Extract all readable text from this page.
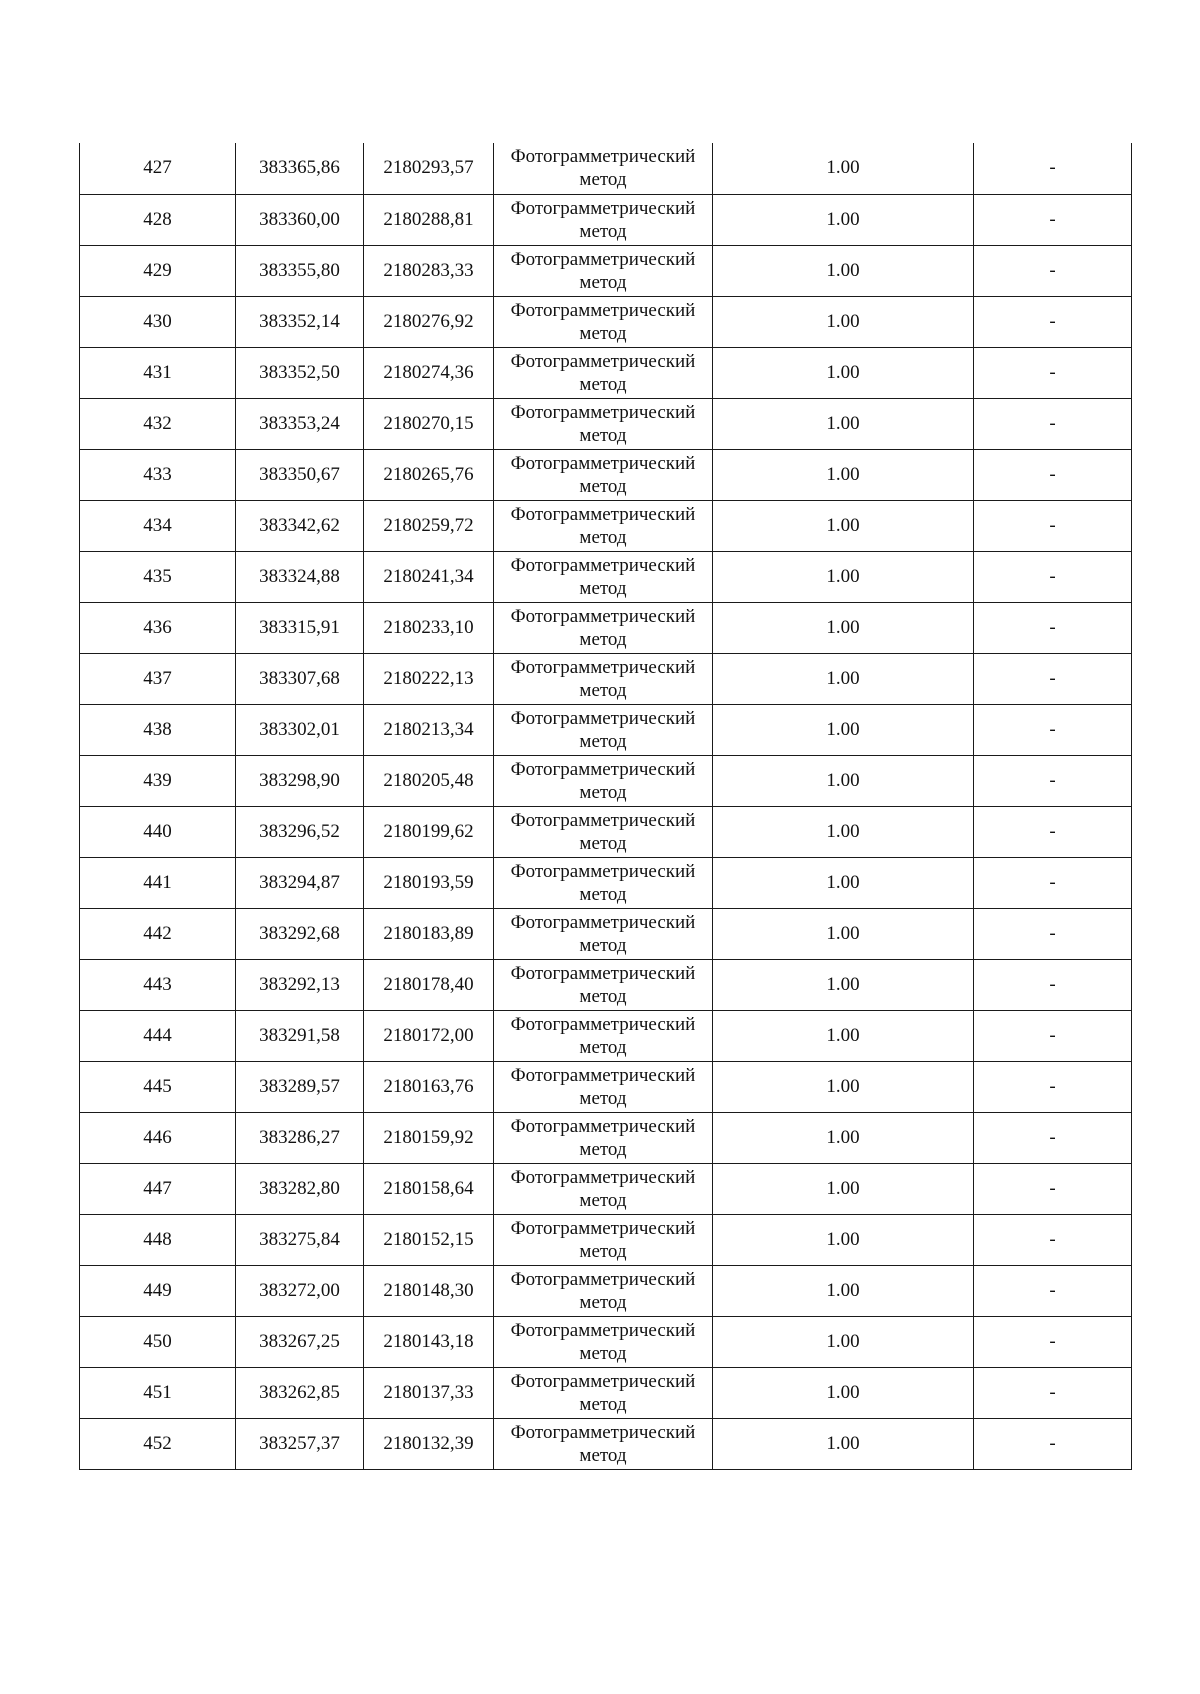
427	383365,86	2180293,57	Фотограмметрический метод	1.00	-
428	383360,00	2180288,81	Фотограмметрический метод	1.00	-
429	383355,80	2180283,33	Фотограмметрический метод	1.00	-
430	383352,14	2180276,92	Фотограмметрический метод	1.00	-
431	383352,50	2180274,36	Фотограмметрический метод	1.00	-
432	383353,24	2180270,15	Фотограмметрический метод	1.00	-
433	383350,67	2180265,76	Фотограмметрический метод	1.00	-
434	383342,62	2180259,72	Фотограмметрический метод	1.00	-
435	383324,88	2180241,34	Фотограмметрический метод	1.00	-
436	383315,91	2180233,10	Фотограмметрический метод	1.00	-
437	383307,68	2180222,13	Фотограмметрический метод	1.00	-
438	383302,01	2180213,34	Фотограмметрический метод	1.00	-
439	383298,90	2180205,48	Фотограмметрический метод	1.00	-
440	383296,52	2180199,62	Фотограмметрический метод	1.00	-
441	383294,87	2180193,59	Фотограмметрический метод	1.00	-
442	383292,68	2180183,89	Фотограмметрический метод	1.00	-
443	383292,13	2180178,40	Фотограмметрический метод	1.00	-
444	383291,58	2180172,00	Фотограмметрический метод	1.00	-
445	383289,57	2180163,76	Фотограмметрический метод	1.00	-
446	383286,27	2180159,92	Фотограмметрический метод	1.00	-
447	383282,80	2180158,64	Фотограмметрический метод	1.00	-
448	383275,84	2180152,15	Фотограмметрический метод	1.00	-
449	383272,00	2180148,30	Фотограмметрический метод	1.00	-
450	383267,25	2180143,18	Фотограмметрический метод	1.00	-
451	383262,85	2180137,33	Фотограмметрический метод	1.00	-
452	383257,37	2180132,39	Фотограмметрический метод	1.00	-
